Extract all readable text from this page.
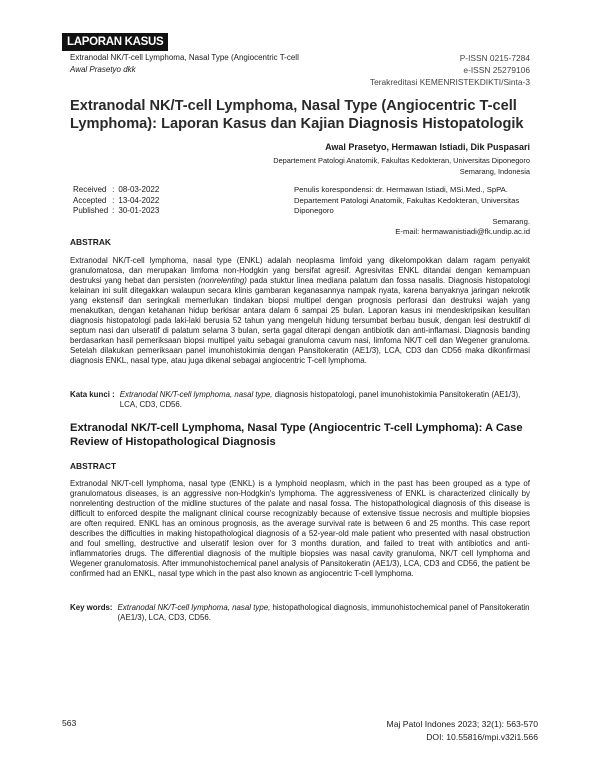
LAPORAN KASUS
Extranodal NK/T-cell Lymphoma, Nasal Type (Angiocentric T-cell
Awal Prasetyo dkk
P-ISSN 0215-7284
e-ISSN 25279106
Terakreditasi KEMENRISTEKDIKTI/Sinta-3
Extranodal NK/T-cell Lymphoma, Nasal Type (Angiocentric T-cell Lymphoma): Laporan Kasus dan Kajian Diagnosis Histopatologik
Awal Prasetyo, Hermawan Istiadi, Dik Puspasari
Departement Patologi Anatomik, Fakultas Kedokteran, Universitas Diponegoro
Semarang, Indonesia
Received	:	08-03-2022
Accepted	:	13-04-2022
Published	:	30-01-2023
Penulis korespondensi: dr. Hermawan Istiadi, MSi.Med., SpPA.
Departement Patologi Anatomik, Fakultas Kedokteran, Universitas Diponegoro
Semarang.
E-mail: hermawanistiadi@fk.undip.ac.id
ABSTRAK
Extranodal NK/T-cell lymphoma, nasal type (ENKL) adalah neoplasma limfoid yang dikelompokkan dalam ragam penyakit granulomatosa, dan merupakan limfoma non-Hodgkin yang bersifat agresif. Agresivitas ENKL ditandai dengan kemampuan destruksi yang hebat dan persisten (nonrelenting) pada stuktur linea mediana palatum dan fossa nasalis. Diagnosis histopatologi kelainan ini sulit ditegakkan walaupun secara klinis gambaran keganasannya nampak nyata, karena banyaknya jaringan nekrotik yang ekstensif dan seringkali memerlukan tindakan biopsi multipel dengan prognosis perforasi dan destruksi wajah yang menakutkan, dengan ketahanan hidup berkisar antara dalam 6 sampai 25 bulan. Laporan kasus ini mendeskripsikan kesulitan diagnosis histopatologi pada laki-laki berusia 52 tahun yang mengeluh hidung tersumbat berbau busuk, dengan lesi destruktif di septum nasi dan ulseratif di palatum selama 3 bulan, serta gagal diterapi dengan antibiotik dan anti-inflamasi. Diagnosis banding berdasarkan hasil pemeriksaan biopsi multipel yaitu sebagai granuloma cavum nasi, limfoma NK/T cell dan Wegener granuloma. Setelah dilakukan pemeriksaan panel imunohistokimia dengan Pansitokeratin (AE1/3), LCA, CD3 dan CD56 maka dikonfirmasi diagnosis ENKL, nasal type, atau juga dikenal sebagai angiocentric T-cell lymphoma.
Kata kunci : Extranodal NK/T-cell lymphoma, nasal type, diagnosis histopatologi, panel imunohistokimia Pansitokeratin (AE1/3), LCA, CD3, CD56.
Extranodal NK/T-cell Lymphoma, Nasal Type (Angiocentric T-cell Lymphoma): A Case Review of Histopathological Diagnosis
ABSTRACT
Extranodal NK/T-cell lymphoma, nasal type (ENKL) is a lymphoid neoplasm, which in the past has been grouped as a type of granulomatous diseases, is an aggressive non-Hodgkin's lymphoma. The aggressiveness of ENKL is characterized clinically by nonrelenting destruction of the midline stuctures of the palate and nasal fossa. The histopathological diagnosis of this disease is difficult to enforced despite the malignant clinical course recognizably because of extensive tissue necrosis and multiple biopsies are often required. ENKL has an ominous prognosis, as the average survival rate is between 6 and 25 months. This case report describes the difficulties in making histopathological diagnosis of a 52-year-old male patient who presented with nasal obstruction and foul smelling, destructive and ulseratif lesion over for 3 months duration, and failed to treat with antibiotics and anti-inflammatories drugs. The differential diagnosis of the multiple biopsies was nasal cavity granuloma, NK/T cell lymphoma and Wegener granulomatosis. After immunohistochemical panel analysis of Pansitokeratin (AE1/3), LCA, CD3 and CD56, the patient be confirmed had an ENKL, nasal type which in the past also known as angiocentric T-cell lymphoma.
Key words: Extranodal NK/T-cell lymphoma, nasal type, histopathological diagnosis, immunohistochemical panel of Pansitokeratin (AE1/3), LCA, CD3, CD56.
563	Maj Patol Indones 2023; 32(1): 563-570
DOI: 10.55816/mpi.v32i1.566
